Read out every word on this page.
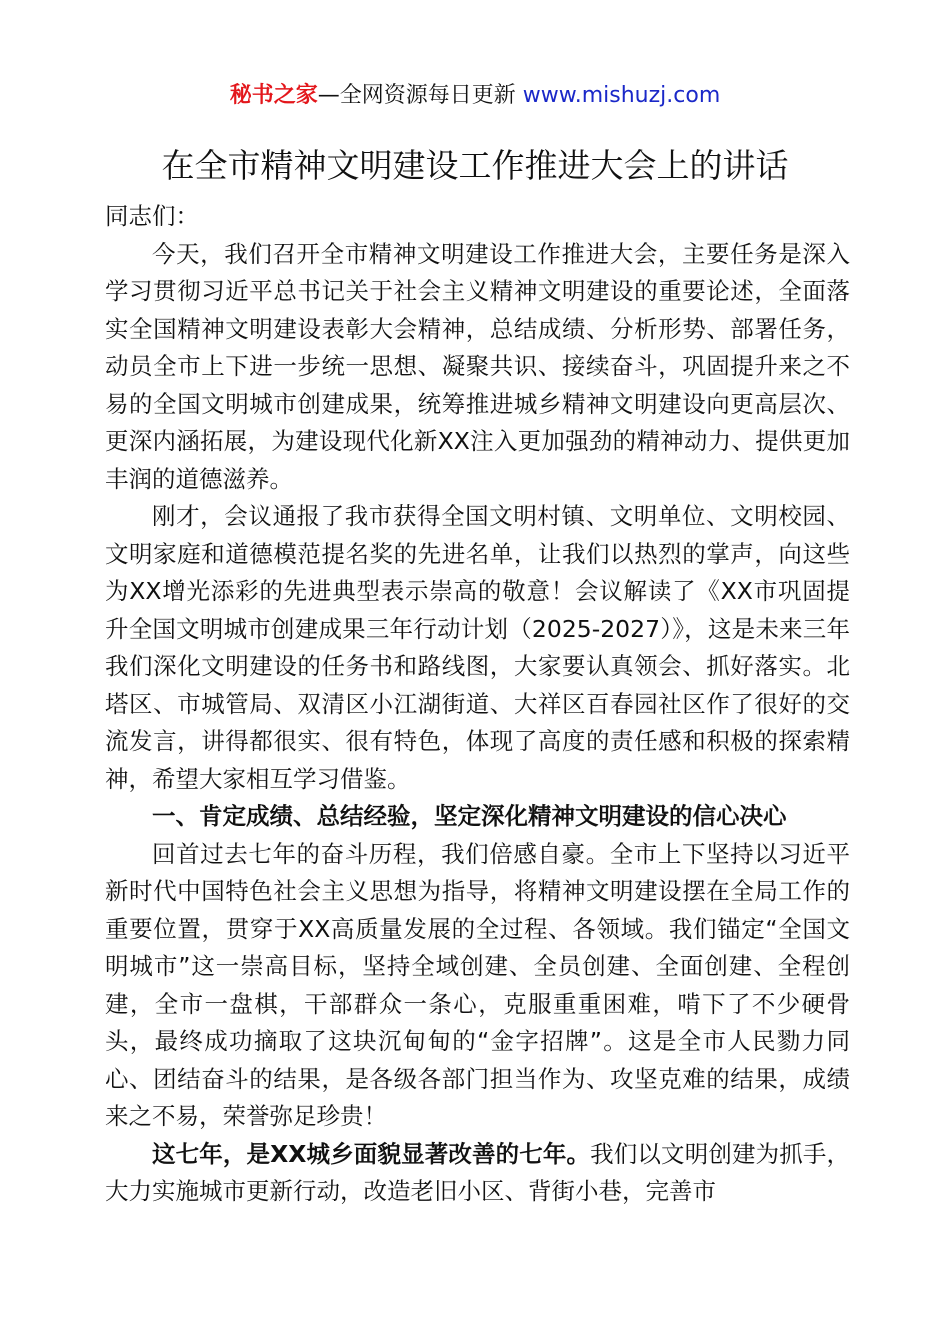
秘书之家—全网资源每日更新 www.mishuzj.com
在全市精神文明建设工作推进大会上的讲话

同志们：

今天，我们召开全市精神文明建设工作推进大会，主要任务是深入学习贯彻习近平总书记关于社会主义精神文明建设的重要论述，全面落实全国精神文明建设表彰大会精神，总结成绩、分析形势、部署任务，动员全市上下进一步统一思想、凝聚共识、接续奋斗，巩固提升来之不易的全国文明城市创建成果，统筹推进城乡精神文明建设向更高层次、更深内涵拓展，为建设现代化新XX注入更加强劲的精神动力、提供更加丰润的道德滋养。

刚才，会议通报了我市获得全国文明村镇、文明单位、文明校园、文明家庭和道德模范提名奖的先进名单，让我们以热烈的掌声，向这些为XX增光添彩的先进典型表示崇高的敬意！会议解读了《XX市巩固提升全国文明城市创建成果三年行动计划（2025-2027）》，这是未来三年我们深化文明建设的任务书和路线图，大家要认真领会、抓好落实。北塔区、市城管局、双清区小江湖街道、大祥区百春园社区作了很好的交流发言，讲得都很实、很有特色，体现了高度的责任感和积极的探索精神，希望大家相互学习借鉴。

一、肯定成绩、总结经验，坚定深化精神文明建设的信心决心

回首过去七年的奋斗历程，我们倍感自豪。全市上下坚持以习近平新时代中国特色社会主义思想为指导，将精神文明建设摆在全局工作的重要位置，贯穿于XX高质量发展的全过程、各领域。我们锚定“全国文明城市”这一崇高目标，坚持全域创建、全员创建、全面创建、全程创建，全市一盘棋，干部群众一条心，克服重重困难，啃下了不少硬骨头，最终成功摘取了这块沉甸甸的“金字招牌”。这是全市人民勠力同心、团结奋斗的结果，是各级各部门担当作为、攻坚克难的结果，成绩来之不易，荣誉弥足珍贵！

这七年，是XX城乡面貌显著改善的七年。我们以文明创建为抓手，大力实施城市更新行动，改造老旧小区、背街小巷，完善市
